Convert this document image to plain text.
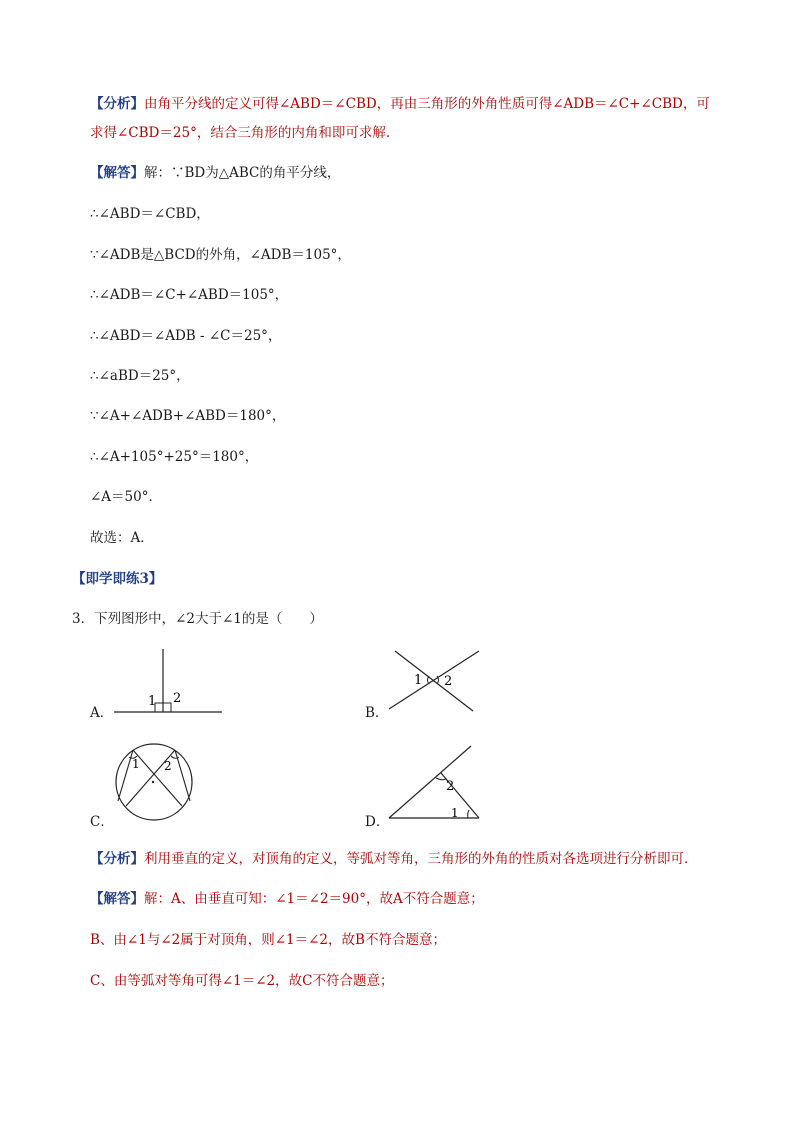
【分析】由角平分线的定义可得∠ABD＝∠CBD，再由三角形的外角性质可得∠ADB＝∠C+∠CBD，可
求得∠CBD＝25°，结合三角形的内角和即可求解.
【解答】解：∵BD为△ABC的角平分线，
∴∠ABD＝∠CBD，
∵∠ADB是△BCD的外角，∠ADB＝105°，
∴∠ADB＝∠C+∠ABD＝105°，
∴∠ABD＝∠ADB - ∠C＝25°，
∴∠aBD＝25°，
∵∠A+∠ADB+∠ABD＝180°，
∴∠A+105°+25°＝180°，
∠A＝50°．
故选：A．
【即学即练3】
3．下列图形中，∠2大于∠1的是（　　）
A．	B．
C．	D．
1 2
1 2
1 2
2
1
【分析】利用垂直的定义，对顶角的定义，等弧对等角，三角形的外角的性质对各选项进行分析即可．
【解答】解：A、由垂直可知：∠1＝∠2＝90°，故A不符合题意；
B、由∠1与∠2属于对顶角，则∠1＝∠2，故B不符合题意；
C、由等弧对等角可得∠1＝∠2，故C不符合题意；
